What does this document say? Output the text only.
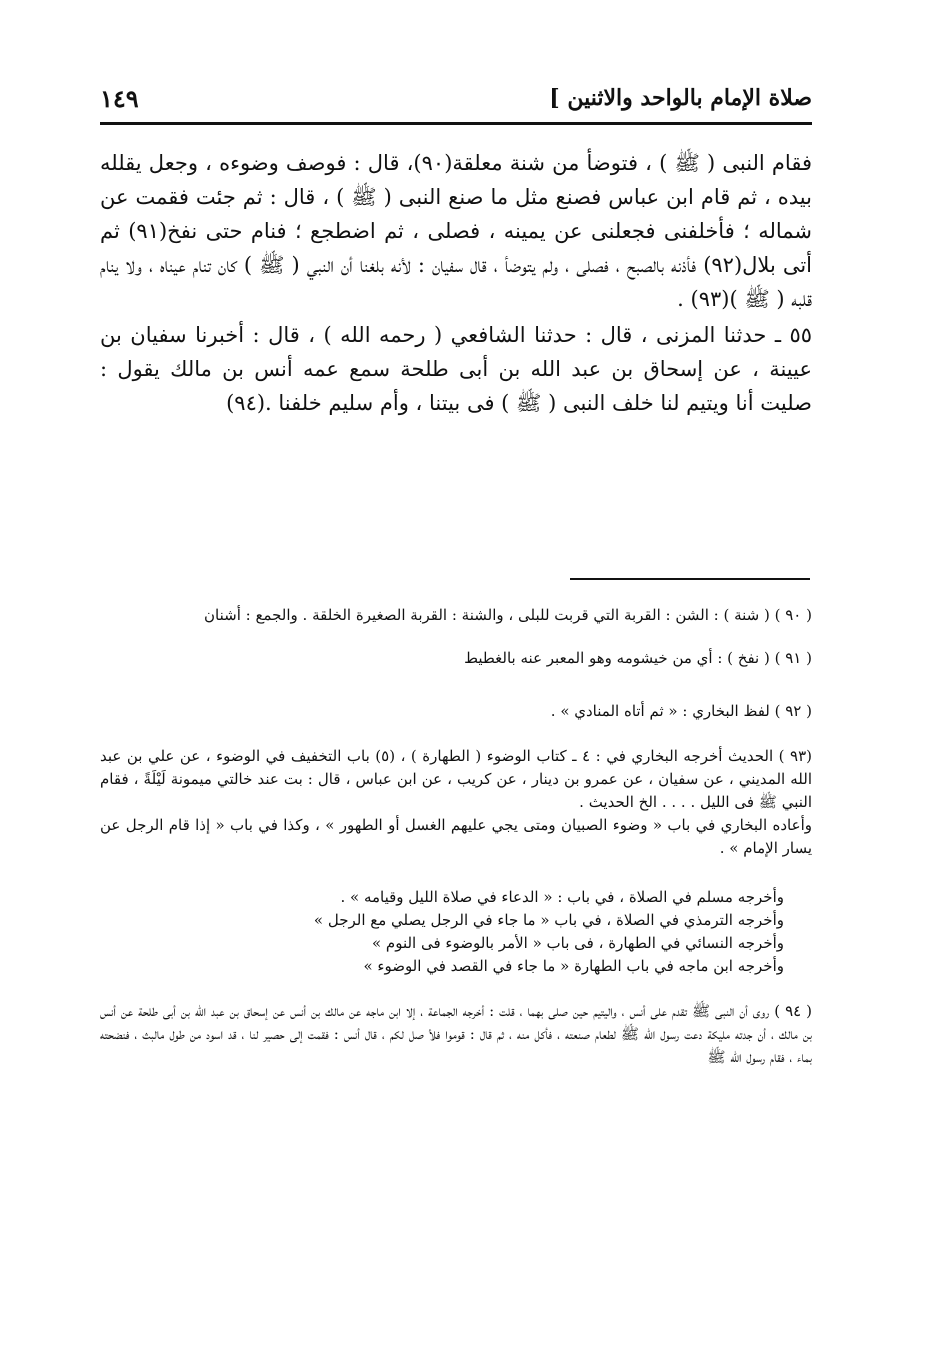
صلاة الإمام بالواحد والاثنين ]
١٤٩

فقام النبى ( ﷺ ) ، فتوضأ من شنة معلقة(٩٠)، قال : فوصف وضوءه ، وجعل يقلله بيده ، ثم قام ابن عباس فصنع مثل ما صنع النبى ( ﷺ ) ، قال : ثم جئت فقمت عن شماله ؛ فأخلفنى فجعلنى عن يمينه ، فصلى ، ثم اضطجع ؛ فنام حتى نفخ(٩١) ثم أتى بلال(٩٢) فأذنه بالصبح ، فصلى ، ولم يتوضأ ، قال سفيان : لأنه بلغنا أن النبي ( ﷺ ) كان تنام عيناه ، ولا ينام قلبه ( ﷺ )(٩٣) .

٥٥ ـ حدثنا المزنى ، قال : حدثنا الشافعي ( رحمه الله ) ، قال : أخبرنا سفيان بن عيينة ، عن إسحاق بن عبد الله بن أبى طلحة سمع عمه أنس بن مالك يقول : صليت أنا ويتيم لنا خلف النبى ( ﷺ ) فى بيتنا ، وأم سليم خلفنا .(٩٤)

( ٩٠ ) ( شنة ) : الشن : القربة التي قربت للبلى ، والشنة : القربة الصغيرة الخلقة . والجمع : أشنان

( ٩١ ) ( نفخ ) : أي من خيشومه وهو المعبر عنه بالغطيط

( ٩٢ ) لفظ البخاري : « ثم أتاه المنادي » .

(٩٣ ) الحديث أخرجه البخاري في : ٤ ـ كتاب الوضوء ( الطهارة ) ، (٥) باب التخفيف في الوضوء ، عن علي بن عبد الله المديني ، عن سفيان ، عن عمرو بن دينار ، عن كريب ، عن ابن عباس ، قال : بت عند خالتي ميمونة لَيْلَةً ، فقام النبي ﷺ فى الليل . . . . الخ الحديث .

وأعاده البخاري في باب « وضوء الصبيان ومتى يجي عليهم الغسل أو الطهور » ، وكذا في باب « إذا قام الرجل عن يسار الإمام » .

وأخرجه مسلم في الصلاة ، في باب : « الدعاء في صلاة الليل وقيامه » .

وأخرجه الترمذي في الصلاة ، في باب « ما جاء في الرجل يصلي مع الرجل »

وأخرجه النسائي في الطهارة ، فى باب « الأمر بالوضوء فى النوم »

وأخرجه ابن ماجه في باب الطهارة « ما جاء في القصد في الوضوء »

( ٩٤ ) روى أن النبى ﷺ تقدم على أنس ، واليتيم حين صلى بهما ، قلت : أخرجه الجماعة ، إلا ابن ماجه عن مالك بن أنس عن إسحاق بن عبد الله بن أبى طلحة عن أنس بن مالك ، أن جدته مليكة دعت رسول الله ﷺ لطعام صنعته ، فأكل منه ، ثم قال : قوموا فلأ صل لكم ، قال أنس : فقمت إلى حصير لنا ، قد اسود من طول مالبث ، فنضحته بماء ، فقام رسول الله ﷺ
